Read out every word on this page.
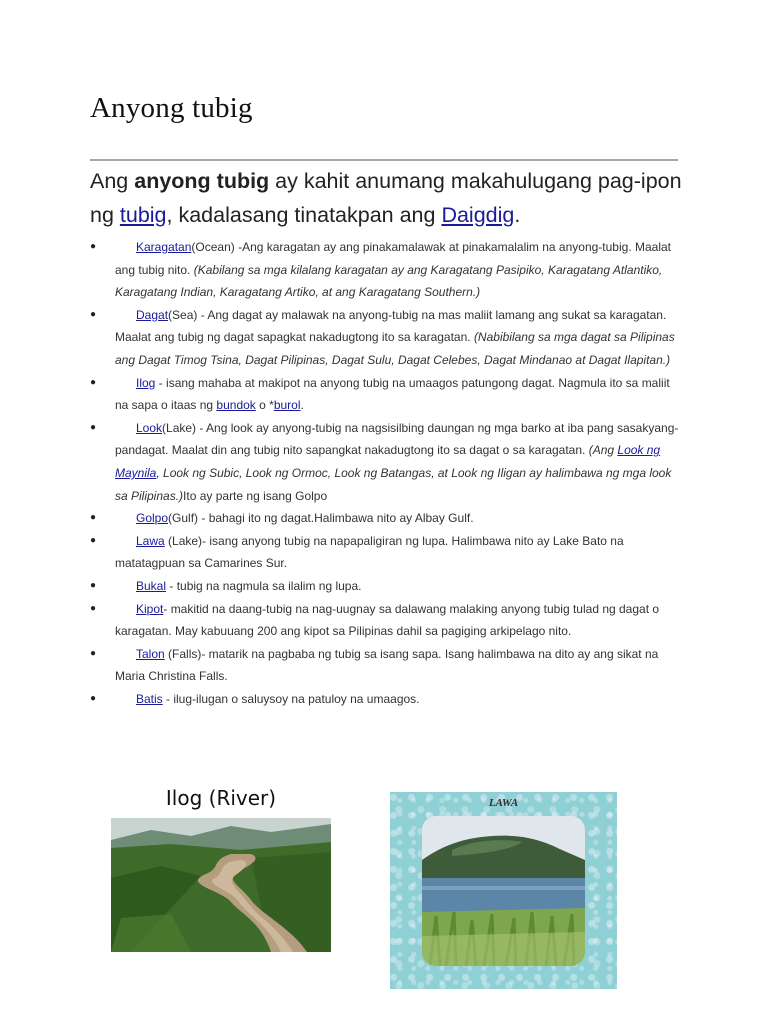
Anyong tubig

Ang anyong tubig ay kahit anumang makahulugang pag-ipon ng tubig, kadalasang tinatakpan ang Daigdig.

●	Karagatan(Ocean) -Ang karagatan ay ang pinakamalawak at pinakamalalim na anyong-tubig. Maalat ang tubig nito. (Kabilang sa mga kilalang karagatan ay ang Karagatang Pasipiko, Karagatang Atlantiko, Karagatang Indian, Karagatang Artiko, at ang Karagatang Southern.)
●	Dagat(Sea) - Ang dagat ay malawak na anyong-tubig na mas maliit lamang ang sukat sa karagatan. Maalat ang tubig ng dagat sapagkat nakadugtong ito sa karagatan. (Nabibilang sa mga dagat sa Pilipinas ang Dagat Timog Tsina, Dagat Pilipinas, Dagat Sulu, Dagat Celebes, Dagat Mindanao at Dagat Ilapitan.)
●	Ilog - isang mahaba at makipot na anyong tubig na umaagos patungong dagat. Nagmula ito sa maliit na sapa o itaas ng bundok o *burol.
●	Look(Lake) - Ang look ay anyong-tubig na nagsisilbing daungan ng mga barko at iba pang sasakyang-pandagat. Maalat din ang tubig nito sapangkat nakadugtong ito sa dagat o sa karagatan. (Ang Look ng Maynila, Look ng Subic, Look ng Ormoc, Look ng Batangas, at Look ng Iligan ay halimbawa ng mga look sa Pilipinas.)Ito ay parte ng isang Golpo
●	Golpo(Gulf) - bahagi ito ng dagat.Halimbawa nito ay Albay Gulf.
●	Lawa (Lake)- isang anyong tubig na napapaligiran ng lupa. Halimbawa nito ay Lake Bato na matatagpuan sa Camarines Sur.
●	Bukal - tubig na nagmula sa ilalim ng lupa.
●	Kipot- makitid na daang-tubig na nag-uugnay sa dalawang malaking anyong tubig tulad ng dagat o karagatan. May kabuuang 200 ang kipot sa Pilipinas dahil sa pagiging arkipelago nito.
●	Talon (Falls)- matarik na pagbaba ng tubig sa isang sapa. Isang halimbawa na dito ay ang sikat na Maria Christina Falls.
●	Batis - ilug-ilugan o saluysoy na patuloy na umaagos.
Ilog (River)	LAWA
